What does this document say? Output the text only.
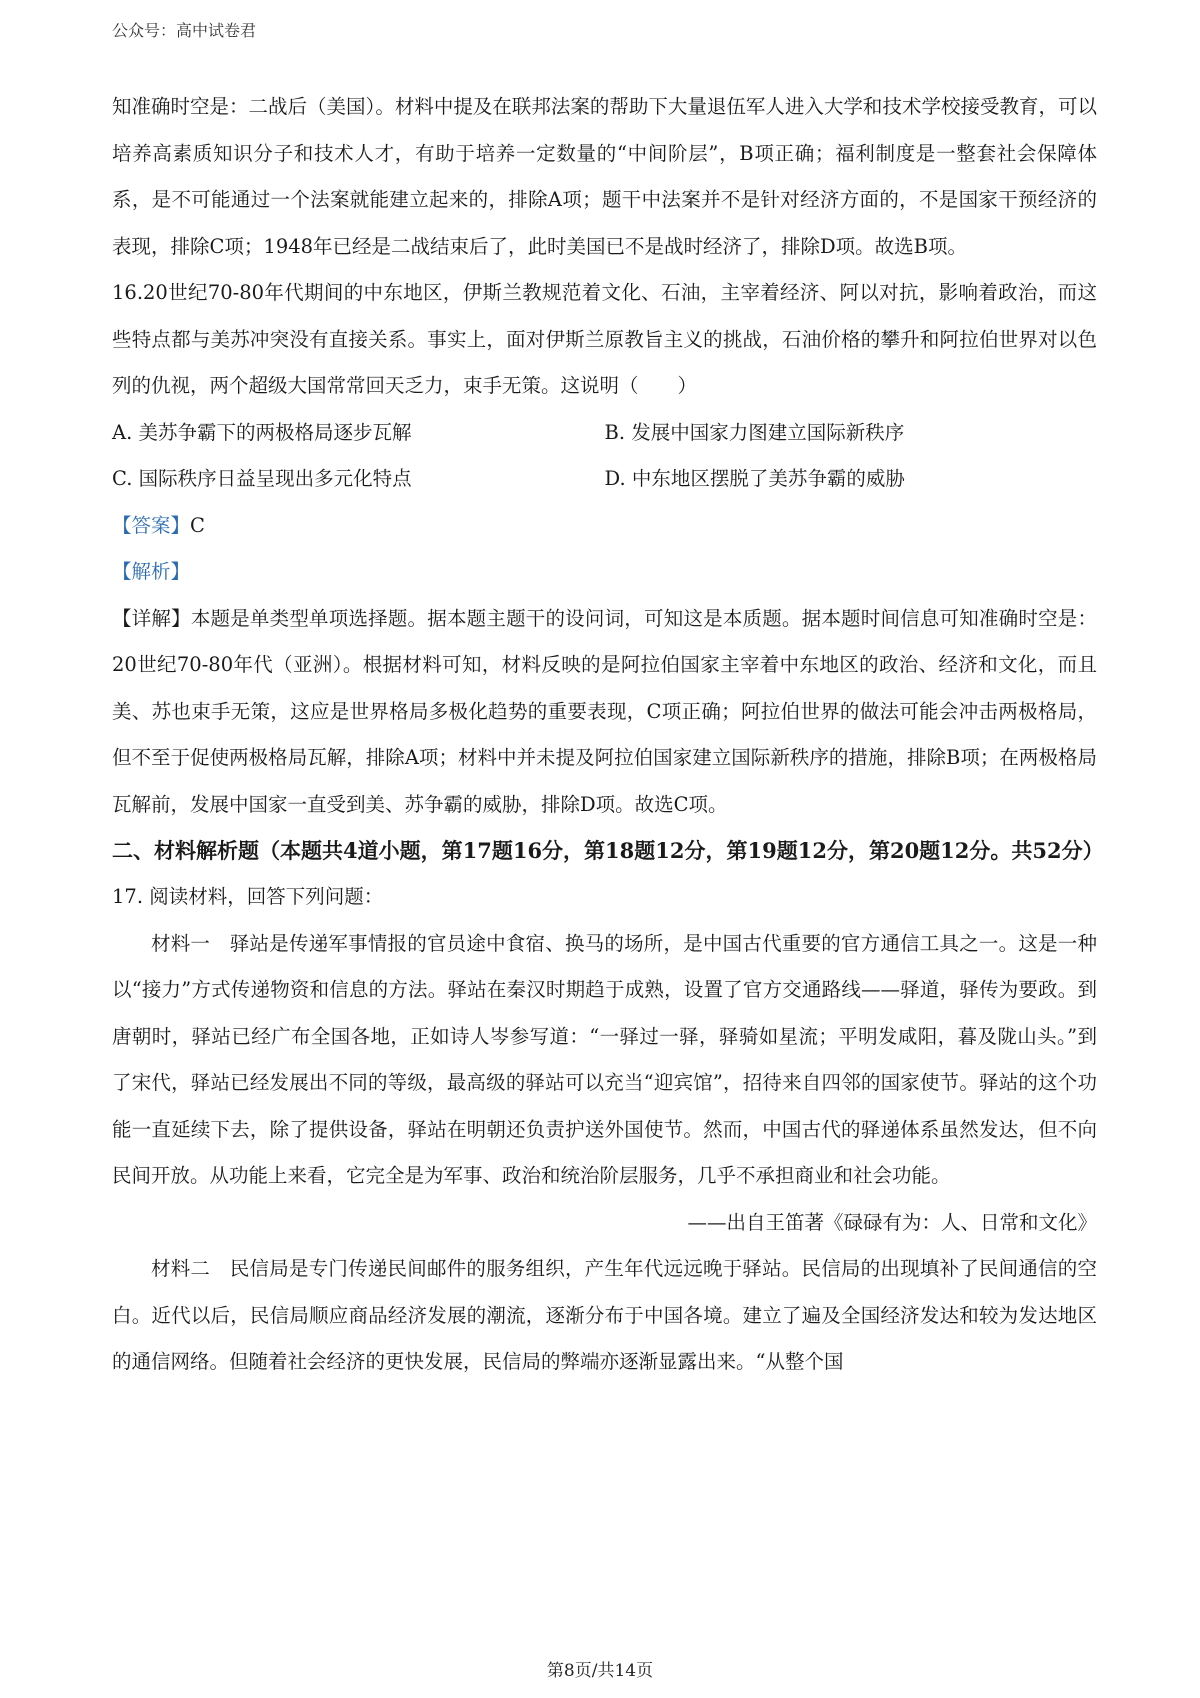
公众号：高中试卷君

知准确时空是：二战后（美国）。材料中提及在联邦法案的帮助下大量退伍军人进入大学和技术学校接受教育，可以培养高素质知识分子和技术人才，有助于培养一定数量的“中间阶层”，B项正确；福利制度是一整套社会保障体系，是不可能通过一个法案就能建立起来的，排除A项；题干中法案并不是针对经济方面的，不是国家干预经济的表现，排除C项；1948年已经是二战结束后了，此时美国已不是战时经济了，排除D项。故选B项。

16.20世纪70-80年代期间的中东地区，伊斯兰教规范着文化、石油，主宰着经济、阿以对抗，影响着政治，而这些特点都与美苏冲突没有直接关系。事实上，面对伊斯兰原教旨主义的挑战，石油价格的攀升和阿拉伯世界对以色列的仇视，两个超级大国常常回天乏力，束手无策。这说明（　　）

A. 美苏争霸下的两极格局逐步瓦解	B. 发展中国家力图建立国际新秩序
C. 国际秩序日益呈现出多元化特点	D. 中东地区摆脱了美苏争霸的威胁

【答案】C

【解析】

【详解】本题是单类型单项选择题。据本题主题干的设问词，可知这是本质题。据本题时间信息可知准确时空是：20世纪70-80年代（亚洲）。根据材料可知，材料反映的是阿拉伯国家主宰着中东地区的政治、经济和文化，而且美、苏也束手无策，这应是世界格局多极化趋势的重要表现，C项正确；阿拉伯世界的做法可能会冲击两极格局，但不至于促使两极格局瓦解，排除A项；材料中并未提及阿拉伯国家建立国际新秩序的措施，排除B项；在两极格局瓦解前，发展中国家一直受到美、苏争霸的威胁，排除D项。故选C项。

二、材料解析题（本题共4道小题，第17题16分，第18题12分，第19题12分，第20题12分。共52分）

17. 阅读材料，回答下列问题：

材料一　驿站是传递军事情报的官员途中食宿、换马的场所，是中国古代重要的官方通信工具之一。这是一种以“接力”方式传递物资和信息的方法。驿站在秦汉时期趋于成熟，设置了官方交通路线——驿道，驿传为要政。到唐朝时，驿站已经广布全国各地，正如诗人岑参写道：“一驿过一驿，驿骑如星流；平明发咸阳，暮及陇山头。”到了宋代，驿站已经发展出不同的等级，最高级的驿站可以充当“迎宾馆”，招待来自四邻的国家使节。驿站的这个功能一直延续下去，除了提供设备，驿站在明朝还负责护送外国使节。然而，中国古代的驿递体系虽然发达，但不向民间开放。从功能上来看，它完全是为军事、政治和统治阶层服务，几乎不承担商业和社会功能。

——出自王笛著《碌碌有为：人、日常和文化》

材料二　民信局是专门传递民间邮件的服务组织，产生年代远远晚于驿站。民信局的出现填补了民间通信的空白。近代以后，民信局顺应商品经济发展的潮流，逐渐分布于中国各境。建立了遍及全国经济发达和较为发达地区的通信网络。但随着社会经济的更快发展，民信局的弊端亦逐渐显露出来。“从整个国

第8页/共14页
